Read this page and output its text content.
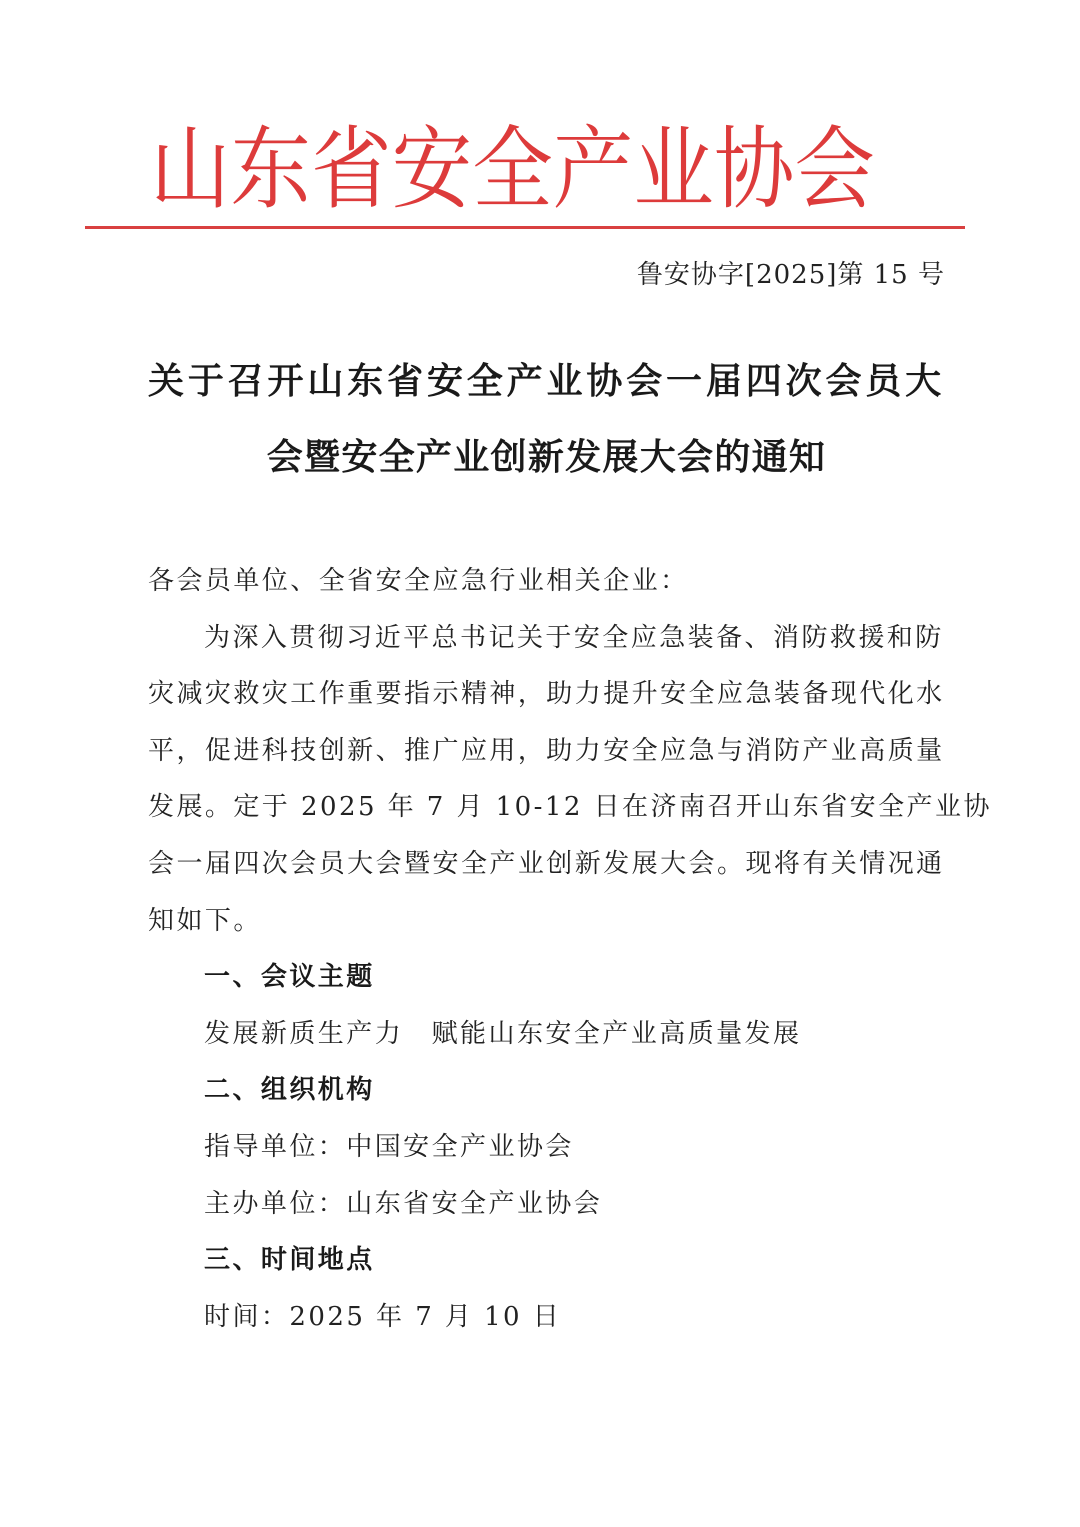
山东省安全产业协会
鲁安协字[2025]第 15 号
关于召开山东省安全产业协会一届四次会员大
会暨安全产业创新发展大会的通知
各会员单位、全省安全应急行业相关企业：
为深入贯彻习近平总书记关于安全应急装备、消防救援和防
灾减灾救灾工作重要指示精神，助力提升安全应急装备现代化水
平，促进科技创新、推广应用，助力安全应急与消防产业高质量
发展。定于 2025 年 7 月 10-12 日在济南召开山东省安全产业协
会一届四次会员大会暨安全产业创新发展大会。现将有关情况通
知如下。
一、会议主题
发展新质生产力　赋能山东安全产业高质量发展
二、组织机构
指导单位：中国安全产业协会
主办单位：山东省安全产业协会
三、时间地点
时间：2025 年 7 月 10 日
